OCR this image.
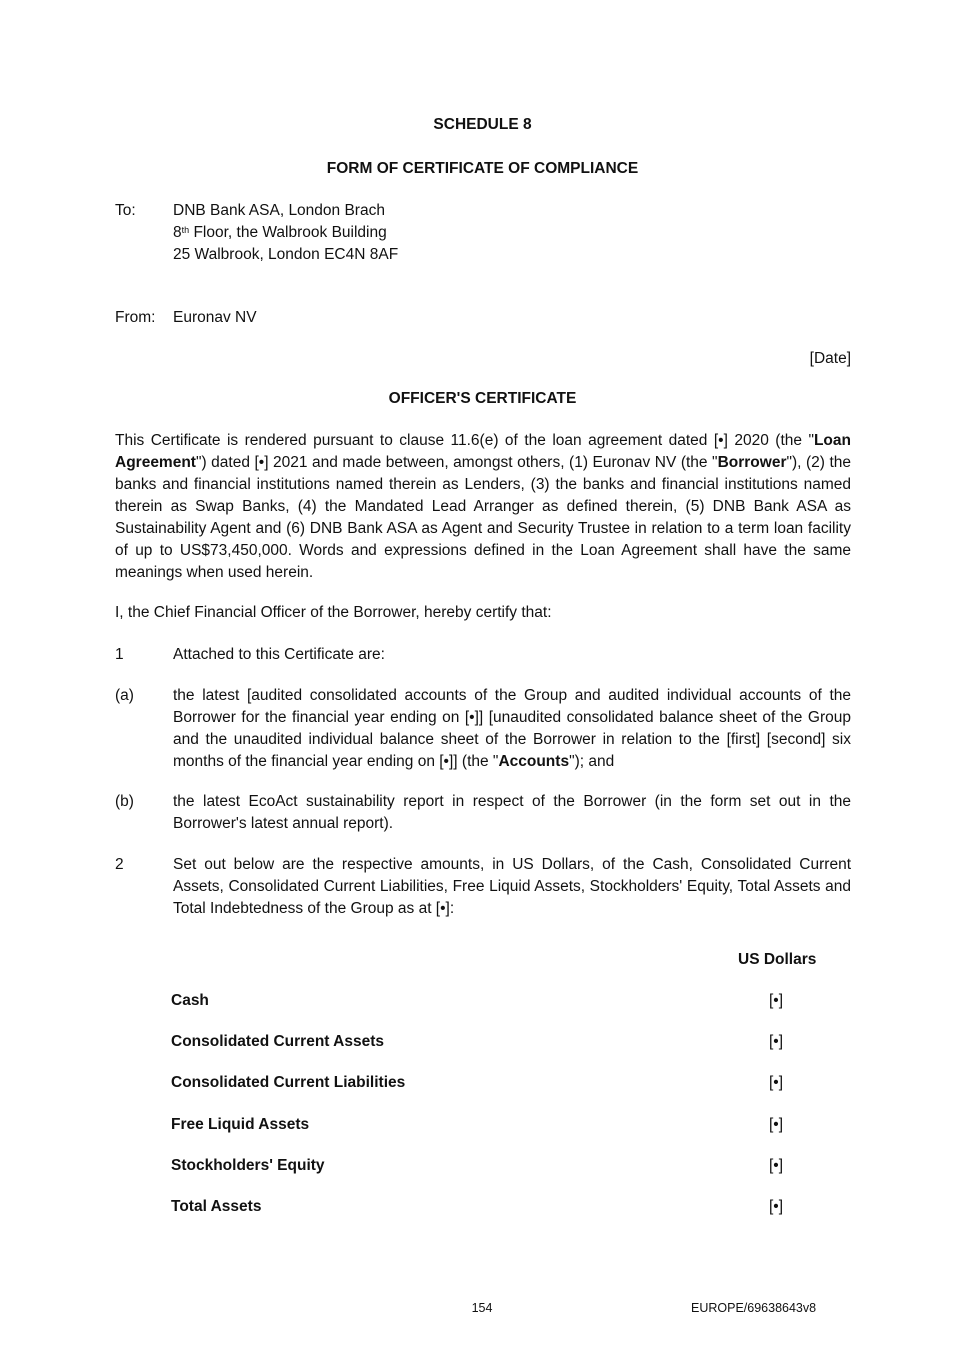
SCHEDULE 8
FORM OF CERTIFICATE OF COMPLIANCE
To: DNB Bank ASA, London Brach
8th Floor, the Walbrook Building
25 Walbrook, London EC4N 8AF
From: Euronav NV
[Date]
OFFICER'S CERTIFICATE
This Certificate is rendered pursuant to clause 11.6(e) of the loan agreement dated [•] 2020 (the "Loan Agreement") dated [•] 2021 and made between, amongst others, (1) Euronav NV (the "Borrower"), (2) the banks and financial institutions named therein as Lenders, (3) the banks and financial institutions named therein as Swap Banks, (4) the Mandated Lead Arranger as defined therein, (5) DNB Bank ASA as Sustainability Agent and (6) DNB Bank ASA as Agent and Security Trustee in relation to a term loan facility of up to US$73,450,000. Words and expressions defined in the Loan Agreement shall have the same meanings when used herein.
I, the Chief Financial Officer of the Borrower, hereby certify that:
1	Attached to this Certificate are:
(a)	the latest [audited consolidated accounts of the Group and audited individual accounts of the Borrower for the financial year ending on [•]] [unaudited consolidated balance sheet of the Group and the unaudited individual balance sheet of the Borrower in relation to the [first] [second] six months of the financial year ending on [•]] (the "Accounts"); and
(b)	the latest EcoAct sustainability report in respect of the Borrower (in the form set out in the Borrower's latest annual report).
2	Set out below are the respective amounts, in US Dollars, of the Cash, Consolidated Current Assets, Consolidated Current Liabilities, Free Liquid Assets, Stockholders' Equity, Total Assets and Total Indebtedness of the Group as at [•]:
US Dollars
Cash	[•]
Consolidated Current Assets	[•]
Consolidated Current Liabilities	[•]
Free Liquid Assets	[•]
Stockholders' Equity	[•]
Total Assets	[•]
154	EUROPE/69638643v8
